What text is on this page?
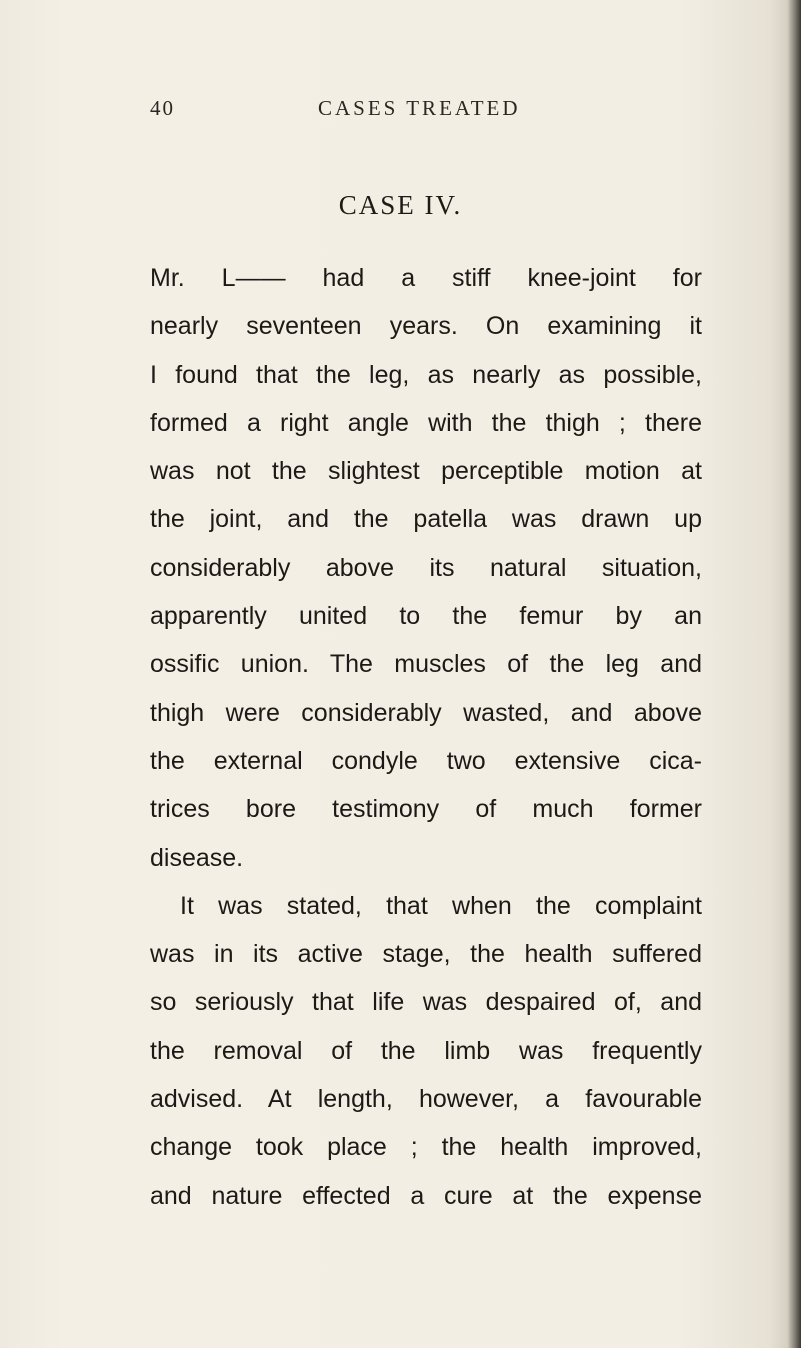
40	CASES TREATED
CASE IV.
Mr. L—— had a stiff knee-joint for
nearly seventeen years. On examining it
I found that the leg, as nearly as possible,
formed a right angle with the thigh ; there
was not the slightest perceptible motion at
the joint, and the patella was drawn up
considerably above its natural situation,
apparently united to the femur by an
ossific union. The muscles of the leg and
thigh were considerably wasted, and above
the external condyle two extensive cica-
trices bore testimony of much former
disease.
It was stated, that when the complaint
was in its active stage, the health suffered
so seriously that life was despaired of, and
the removal of the limb was frequently
advised. At length, however, a favourable
change took place ; the health improved,
and nature effected a cure at the expense
